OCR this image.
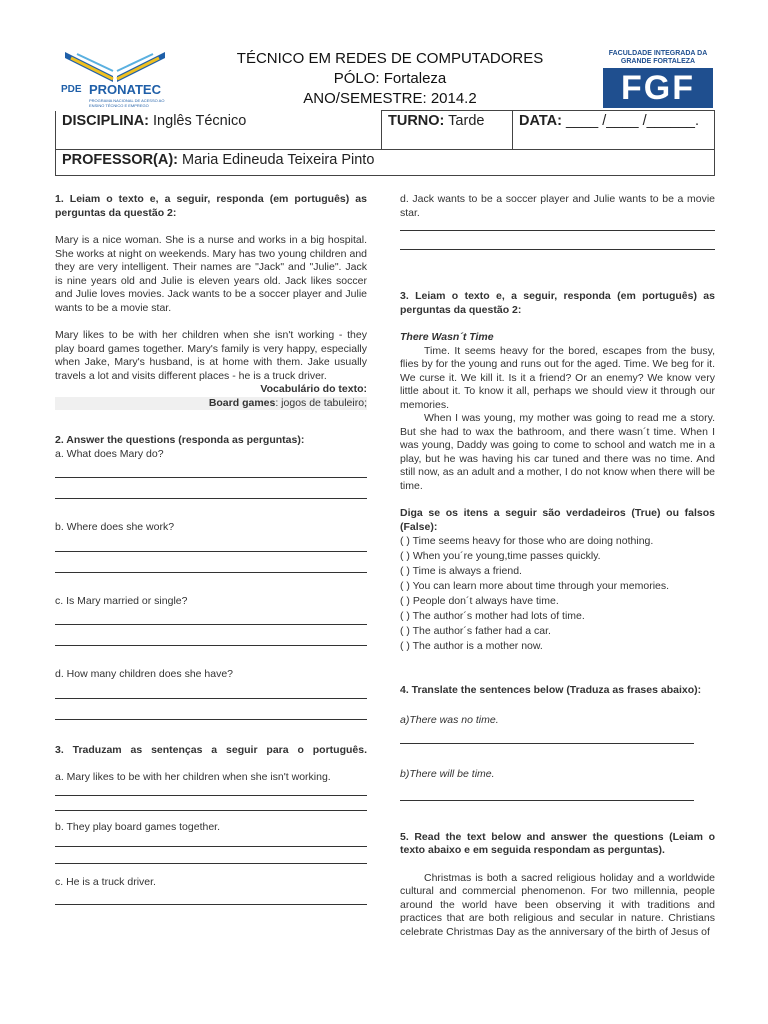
PDE PRONATEC
PROGRAMA NACIONAL DE ACESSO AO ENSINO TÉCNICO E EMPREGO
TÉCNICO EM REDES DE COMPUTADORES
PÓLO: Fortaleza
ANO/SEMESTRE: 2014.2
FACULDADE INTEGRADA DA GRANDE FORTALEZA
FGF
DISCIPLINA: Inglês Técnico	TURNO: Tarde	DATA: ____ /____ /______.
PROFESSOR(A): Maria Edineuda Teixeira Pinto

1. Leiam o texto e, a seguir, responda (em português) as perguntas da questão 2:

Mary is a nice woman. She is a nurse and works in a big hospital. She works at night on weekends. Mary has two young children and they are very intelligent. Their names are "Jack" and "Julie". Jack is nine years old and Julie is eleven years old. Jack likes soccer and Julie loves movies. Jack wants to be a soccer player and Julie wants to be a movie star.

Mary likes to be with her children when she isn't working - they play board games together. Mary's family is very happy, especially when Jake, Mary's husband, is at home with them. Jake usually travels a lot and visits different places - he is a truck driver.

Vocabulário do texto:

Board games: jogos de tabuleiro;

2. Answer the questions (responda as perguntas):

a. What does Mary do?

b. Where does she work?

c. Is Mary married or single?

d. How many children does she have?

3. Traduzam as sentenças a seguir para o português.

a. Mary likes to be with her children when she isn't working.

b. They play board games together.

c. He is a truck driver.

d. Jack wants to be a soccer player and Julie wants to be a movie star.

3. Leiam o texto e, a seguir, responda (em português) as perguntas da questão 2:

There Wasn´t Time

Time. It seems heavy for the bored, escapes from the busy, flies by for the young and runs out for the aged. Time. We beg for it. We curse it. We kill it. Is it a friend? Or an enemy? We know very little about it. To know it all, perhaps we should view it through our memories.

When I was young, my mother was going to read me a story. But she had to wax the bathroom, and there wasn´t time. When I was young, Daddy was going to come to school and watch me in a play, but he was having his car tuned and there was no time. And still now, as an adult and a mother, I do not know when there will be time.

Diga se os itens a seguir são verdadeiros (True) ou falsos (False):

( ) Time seems heavy for those who are doing nothing.

( ) When you´re young,time passes quickly.

( ) Time is always a friend.

( ) You can learn more about time through your memories.

( ) People don´t always have time.

( ) The author´s mother had lots of time.

( ) The author´s father had a car.

( ) The author is a mother now.

4. Translate the sentences below (Traduza as frases abaixo):

a)There was no time.

b)There will be time.

5. Read the text below and answer the questions (Leiam o texto abaixo e em seguida respondam as perguntas).

Christmas is both a sacred religious holiday and a worldwide cultural and commercial phenomenon. For two millennia, people around the world have been observing it with traditions and practices that are both religious and secular in nature. Christians celebrate Christmas Day as the anniversary of the birth of Jesus of
